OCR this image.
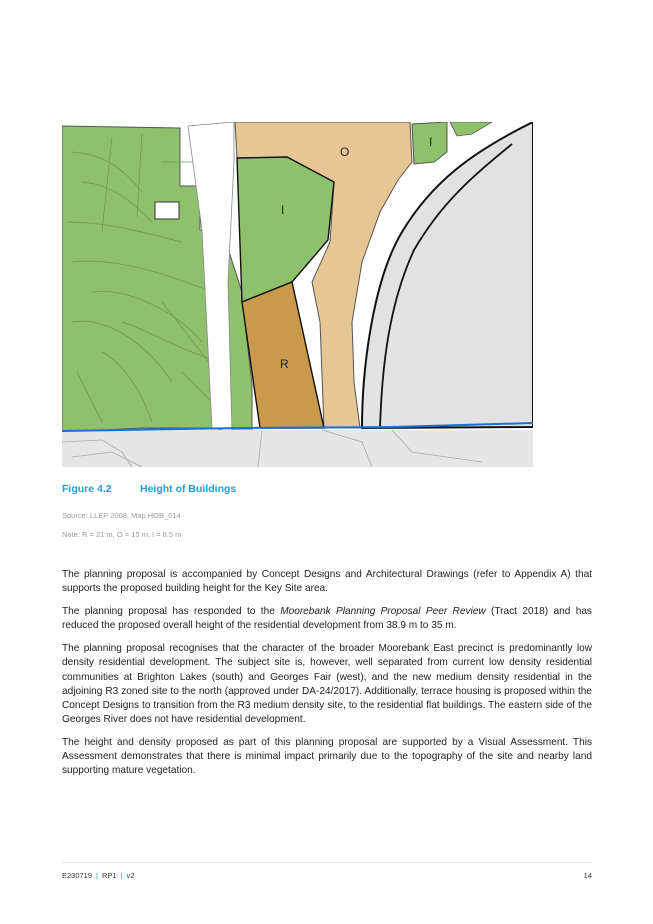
O
I
I
R
Figure 4.2	Height of Buildings
Source: LLEP 2008, Map HOB_014
Note: R = 21 m, O = 15 m; I = 8.5 m

The planning proposal is accompanied by Concept Designs and Architectural Drawings (refer to Appendix A) that supports the proposed building height for the Key Site area.

The planning proposal has responded to the Moorebank Planning Proposal Peer Review (Tract 2018) and has reduced the proposed overall height of the residential development from 38.9 m to 35 m.

The planning proposal recognises that the character of the broader Moorebank East precinct is predominantly low density residential development. The subject site is, however, well separated from current low density residential communities at Brighton Lakes (south) and Georges Fair (west), and the new medium density residential in the adjoining R3 zoned site to the north (approved under DA-24/2017). Additionally, terrace housing is proposed within the Concept Designs to transition from the R3 medium density site, to the residential flat buildings. The eastern side of the Georges River does not have residential development.

The height and density proposed as part of this planning proposal are supported by a Visual Assessment. This Assessment demonstrates that there is minimal impact primarily due to the topography of the site and nearby land supporting mature vegetation.

E230719 | RP1 | v2	14
